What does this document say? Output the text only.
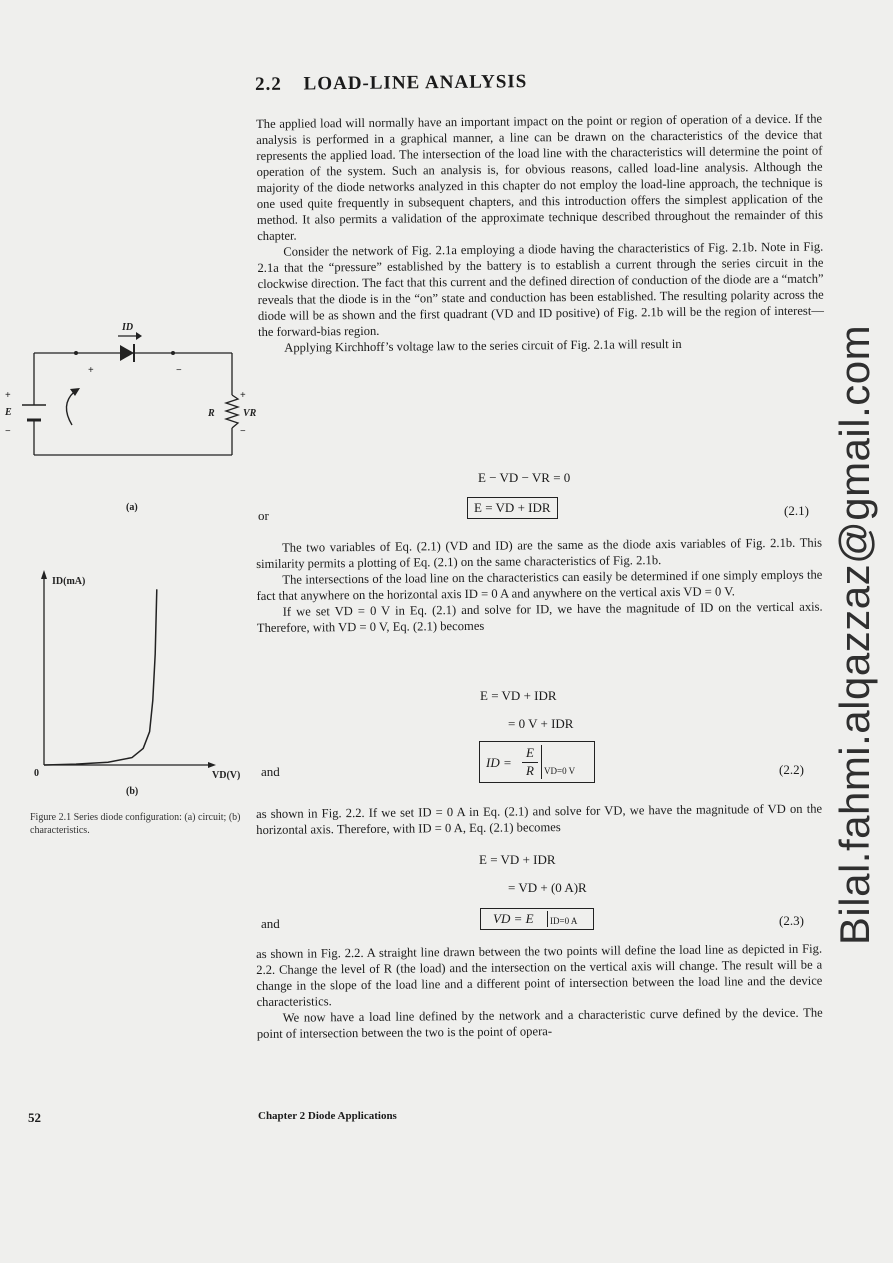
2.2 LOAD-LINE ANALYSIS

The applied load will normally have an important impact on the point or region of operation of a device. If the analysis is performed in a graphical manner, a line can be drawn on the characteristics of the device that represents the applied load. The intersection of the load line with the characteristics will determine the point of operation of the system. Such an analysis is, for obvious reasons, called load-line analysis. Although the majority of the diode networks analyzed in this chapter do not employ the load-line approach, the technique is one used quite frequently in subsequent chapters, and this introduction offers the simplest application of the method. It also permits a validation of the approximate technique described throughout the remainder of this chapter.

Consider the network of Fig. 2.1a employing a diode having the characteristics of Fig. 2.1b. Note in Fig. 2.1a that the “pressure” established by the battery is to establish a current through the series circuit in the clockwise direction. The fact that this current and the defined direction of conduction of the diode are a “match” reveals that the diode is in the “on” state and conduction has been established. The resulting polarity across the diode will be as shown and the first quadrant (VD and ID positive) of Fig. 2.1b will be the region of interest—the forward-bias region.

Applying Kirchhoff’s voltage law to the series circuit of Fig. 2.1a will result in

E − VD − VR = 0
or
E = VD + IDR	(2.1)

The two variables of Eq. (2.1) (VD and ID) are the same as the diode axis variables of Fig. 2.1b. This similarity permits a plotting of Eq. (2.1) on the same characteristics of Fig. 2.1b.

The intersections of the load line on the characteristics can easily be determined if one simply employs the fact that anywhere on the horizontal axis ID = 0 A and anywhere on the vertical axis VD = 0 V.

If we set VD = 0 V in Eq. (2.1) and solve for ID, we have the magnitude of ID on the vertical axis. Therefore, with VD = 0 V, Eq. (2.1) becomes

E = VD + IDR
= 0 V + IDR
and
ID =
E
R VD=0 V	(2.2)

as shown in Fig. 2.2. If we set ID = 0 A in Eq. (2.1) and solve for VD, we have the magnitude of VD on the horizontal axis. Therefore, with ID = 0 A, Eq. (2.1) becomes

E = VD + IDR
= VD + (0 A)R
and	VD = E ID=0 A	(2.3)

as shown in Fig. 2.2. A straight line drawn between the two points will define the load line as depicted in Fig. 2.2. Change the level of R (the load) and the intersection on the vertical axis will change. The result will be a change in the slope of the load line and a different point of intersection between the load line and the device characteristics.

We now have a load line defined by the network and a characteristic curve defined by the device. The point of intersection between the two is the point of opera-

ID
+	−
+
E
−
R
+
VR
−
(a)
ID(mA)
VD(V)
0
(b)
Figure 2.1 Series diode configuration: (a) circuit; (b) characteristics.
52	Chapter 2 Diode Applications
Bilal.fahmi.alqazzaz@gmail.com
